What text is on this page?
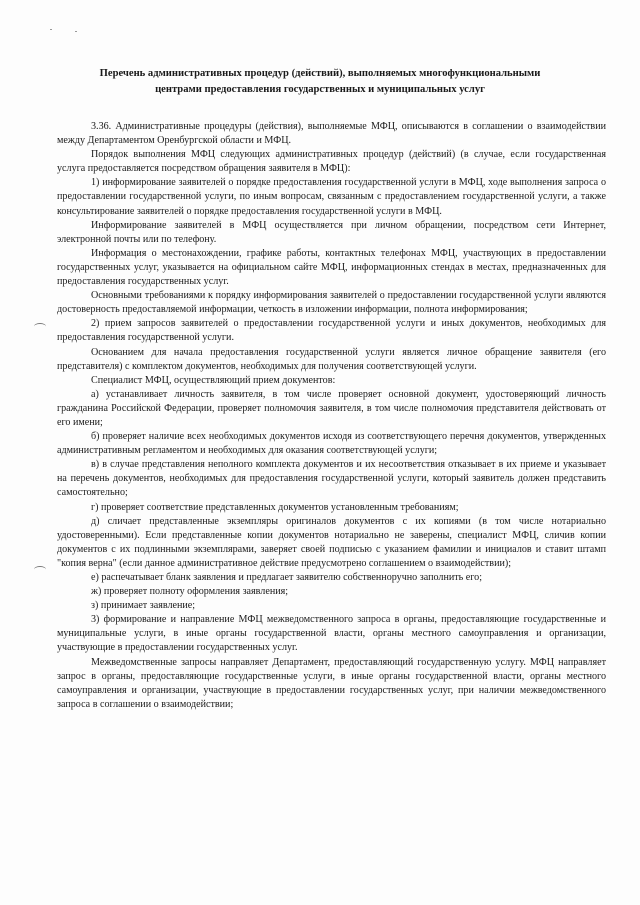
Перечень административных процедур (действий), выполняемых многофункциональными
центрами предоставления государственных и муниципальных услуг

3.36. Административные процедуры (действия), выполняемые МФЦ, описываются в соглашении о взаимодействии между Департаментом Оренбургской области и МФЦ.

Порядок выполнения МФЦ следующих административных процедур (действий) (в случае, если государственная услуга предоставляется посредством обращения заявителя в МФЦ):

1) информирование заявителей о порядке предоставления государственной услуги в МФЦ, ходе выполнения запроса о предоставлении государственной услуги, по иным вопросам, связанным с предоставлением государственной услуги, а также консультирование заявителей о порядке предоставления государственной услуги в МФЦ.

Информирование заявителей в МФЦ осуществляется при личном обращении, посредством сети Интернет, электронной почты или по телефону.

Информация о местонахождении, графике работы, контактных телефонах МФЦ, участвующих в предоставлении государственных услуг, указывается на официальном сайте МФЦ, информационных стендах в местах, предназначенных для предоставления государственных услуг.

Основными требованиями к порядку информирования заявителей о предоставлении государственной услуги являются достоверность предоставляемой информации, четкость в изложении информации, полнота информирования;

2) прием запросов заявителей о предоставлении государственной услуги и иных документов, необходимых для предоставления государственной услуги.

Основанием для начала предоставления государственной услуги является личное обращение заявителя (его представителя) с комплектом документов, необходимых для получения соответствующей услуги.

Специалист МФЦ, осуществляющий прием документов:

а) устанавливает личность заявителя, в том числе проверяет основной документ, удостоверяющий личность гражданина Российской Федерации, проверяет полномочия заявителя, в том числе полномочия представителя действовать от его имени;

б) проверяет наличие всех необходимых документов исходя из соответствующего перечня документов, утвержденных административным регламентом и необходимых для оказания соответствующей услуги;

в) в случае представления неполного комплекта документов и их несоответствия отказывает в их приеме и указывает на перечень документов, необходимых для предоставления государственной услуги, который заявитель должен представить самостоятельно;

г) проверяет соответствие представленных документов установленным требованиям;

д) сличает представленные экземпляры оригиналов документов с их копиями (в том числе нотариально удостоверенными). Если представленные копии документов нотариально не заверены, специалист МФЦ, сличив копии документов с их подлинными экземплярами, заверяет своей подписью с указанием фамилии и инициалов и ставит штамп "копия верна" (если данное административное действие предусмотрено соглашением о взаимодействии);

е) распечатывает бланк заявления и предлагает заявителю собственноручно заполнить его;

ж) проверяет полноту оформления заявления;

з) принимает заявление;

3) формирование и направление МФЦ межведомственного запроса в органы, предоставляющие государственные и муниципальные услуги, в иные органы государственной власти, органы местного самоуправления и организации, участвующие в предоставлении государственных услуг.

Межведомственные запросы направляет Департамент, предоставляющий государственную услугу. МФЦ направляет запрос в органы, предоставляющие государственные услуги, в иные органы государственной власти, органы местного самоуправления и организации, участвующие в предоставлении государственных услуг, при наличии межведомственного запроса в соглашении о взаимодействии;
